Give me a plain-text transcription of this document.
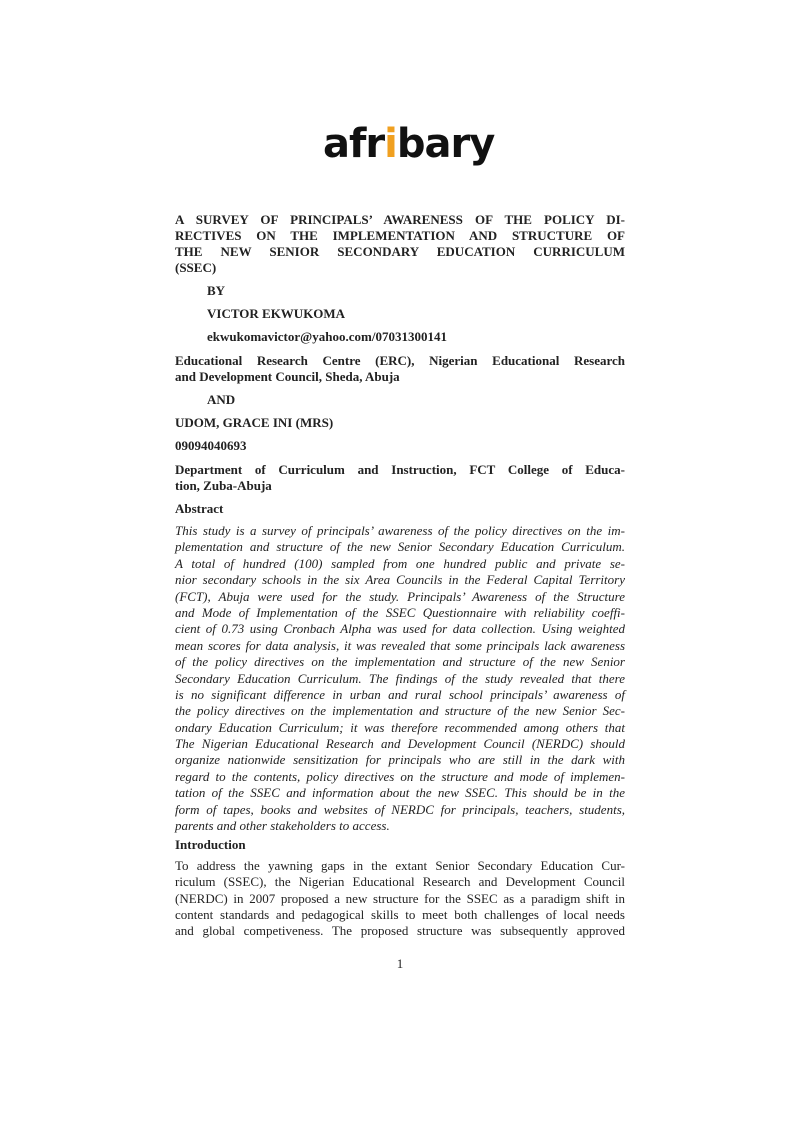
A SURVEY OF PRINCIPALS’ AWARENESS OF THE POLICY DI-
RECTIVES ON THE IMPLEMENTATION AND STRUCTURE OF
THE NEW SENIOR SECONDARY EDUCATION CURRICULUM
(SSEC)
BY
VICTOR EKWUKOMA
ekwukomavictor@yahoo.com/07031300141
Educational Research Centre (ERC), Nigerian Educational Research
and Development Council, Sheda, Abuja
AND
UDOM, GRACE INI (MRS)
09094040693
Department of Curriculum and Instruction, FCT College of Educa-
tion, Zuba-Abuja
Abstract
This study is a survey of principals’ awareness of the policy directives on the im-
plementation and structure of the new Senior Secondary Education Curriculum.
A total of hundred (100) sampled from one hundred public and private se-
nior secondary schools in the six Area Councils in the Federal Capital Territory
(FCT), Abuja were used for the study. Principals’ Awareness of the Structure
and Mode of Implementation of the SSEC Questionnaire with reliability coeffi-
cient of 0.73 using Cronbach Alpha was used for data collection. Using weighted
mean scores for data analysis, it was revealed that some principals lack awareness
of the policy directives on the implementation and structure of the new Senior
Secondary Education Curriculum. The findings of the study revealed that there
is no significant difference in urban and rural school principals’ awareness of
the policy directives on the implementation and structure of the new Senior Sec-
ondary Education Curriculum; it was therefore recommended among others that
The Nigerian Educational Research and Development Council (NERDC) should
organize nationwide sensitization for principals who are still in the dark with
regard to the contents, policy directives on the structure and mode of implemen-
tation of the SSEC and information about the new SSEC. This should be in the
form of tapes, books and websites of NERDC for principals, teachers, students,
parents and other stakeholders to access.
Introduction
To address the yawning gaps in the extant Senior Secondary Education Cur-
riculum (SSEC), the Nigerian Educational Research and Development Council
(NERDC) in 2007 proposed a new structure for the SSEC as a paradigm shift in
content standards and pedagogical skills to meet both challenges of local needs
and global competiveness. The proposed structure was subsequently approved
afribary
1
